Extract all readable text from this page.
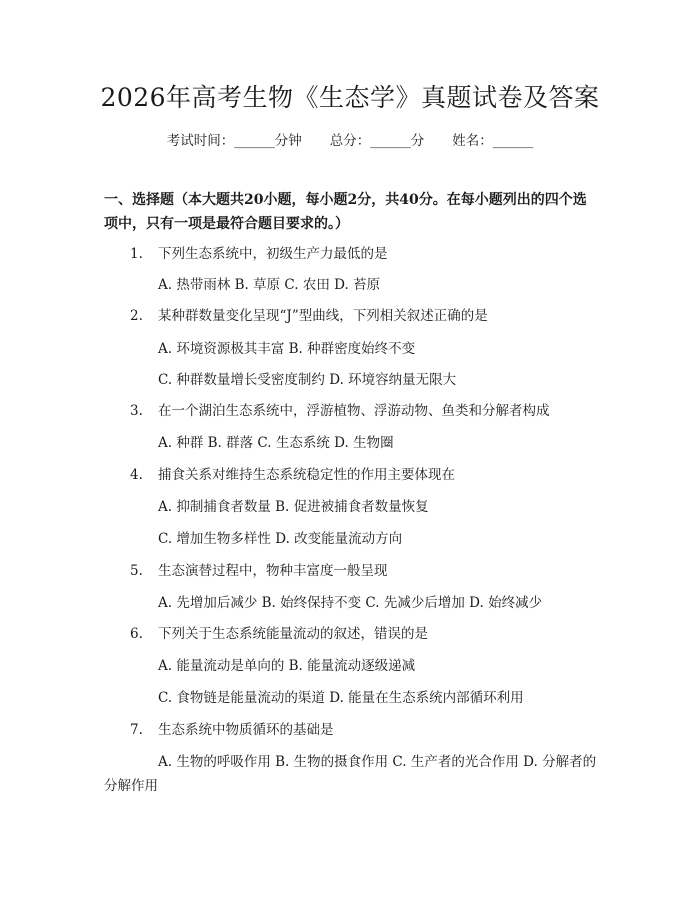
2026年高考生物《生态学》真题试卷及答案
考试时间：______分钟 总分：______分 姓名：______
一、选择题（本大题共20小题，每小题2分，共40分。在每小题列出的四个选项中，只有一项是最符合题目要求的。）
1. 下列生态系统中，初级生产力最低的是
A. 热带雨林 B. 草原 C. 农田 D. 苔原
2. 某种群数量变化呈现“J”型曲线，下列相关叙述正确的是
A. 环境资源极其丰富 B. 种群密度始终不变
C. 种群数量增长受密度制约 D. 环境容纳量无限大
3. 在一个湖泊生态系统中，浮游植物、浮游动物、鱼类和分解者构成
A. 种群 B. 群落 C. 生态系统 D. 生物圈
4. 捕食关系对维持生态系统稳定性的作用主要体现在
A. 抑制捕食者数量 B. 促进被捕食者数量恢复
C. 增加生物多样性 D. 改变能量流动方向
5. 生态演替过程中，物种丰富度一般呈现
A. 先增加后减少 B. 始终保持不变 C. 先减少后增加 D. 始终减少
6. 下列关于生态系统能量流动的叙述，错误的是
A. 能量流动是单向的 B. 能量流动逐级递减
C. 食物链是能量流动的渠道 D. 能量在生态系统内部循环利用
7. 生态系统中物质循环的基础是
A. 生物的呼吸作用 B. 生物的摄食作用 C. 生产者的光合作用 D. 分解者的分解作用
